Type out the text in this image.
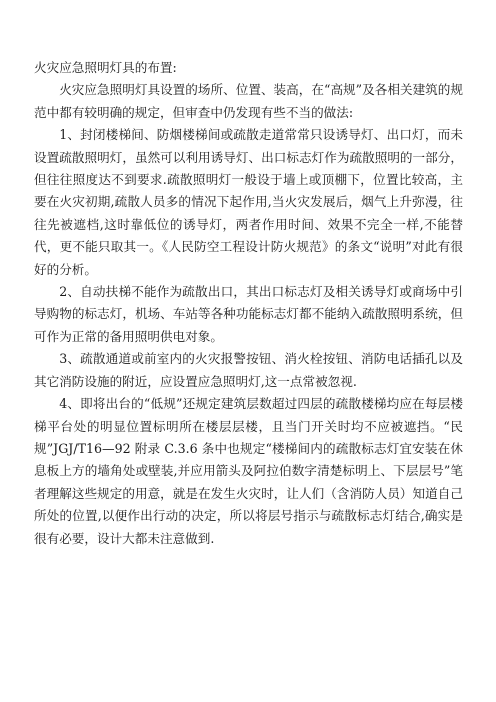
火灾应急照明灯具的布置:

火灾应急照明灯具设置的场所、位置、装高，在“高规”及各相关建筑的规范中都有较明确的规定，但审查中仍发现有些不当的做法:

1、封闭楼梯间、防烟楼梯间或疏散走道常常只设诱导灯、出口灯，而未设置疏散照明灯，虽然可以利用诱导灯、出口标志灯作为疏散照明的一部分，但往往照度达不到要求.疏散照明灯一般设于墙上或顶棚下，位置比较高，主要在火灾初期,疏散人员多的情况下起作用,当火灾发展后，烟气上升弥漫，往往先被遮档,这时靠低位的诱导灯，两者作用时间、效果不完全一样,不能替代，更不能只取其一。《人民防空工程设计防火规范》的条文“说明”对此有很好的分析。

2、自动扶梯不能作为疏散出口，其出口标志灯及相关诱导灯或商场中引导购物的标志灯，机场、车站等各种功能标志灯都不能纳入疏散照明系统，但可作为正常的备用照明供电对象。

3、疏散通道或前室内的火灾报警按钮、消火栓按钮、消防电话插孔以及其它消防设施的附近，应设置应急照明灯,这一点常被忽视.

4、即将出台的“低规”还规定建筑层数超过四层的疏散楼梯均应在每层楼梯平台处的明显位置标明所在楼层层楼，且当门开关时均不应被遮挡。“民规”JGJ/T16—92 附录 C.3.6 条中也规定“楼梯间内的疏散标志灯宜安装在休息板上方的墙角处或壁装,并应用箭头及阿拉伯数字清楚标明上、下层层号”笔者理解这些规定的用意，就是在发生火灾时，让人们（含消防人员）知道自己所处的位置,以便作出行动的决定，所以将层号指示与疏散标志灯结合,确实是很有必要，设计大都未注意做到.
